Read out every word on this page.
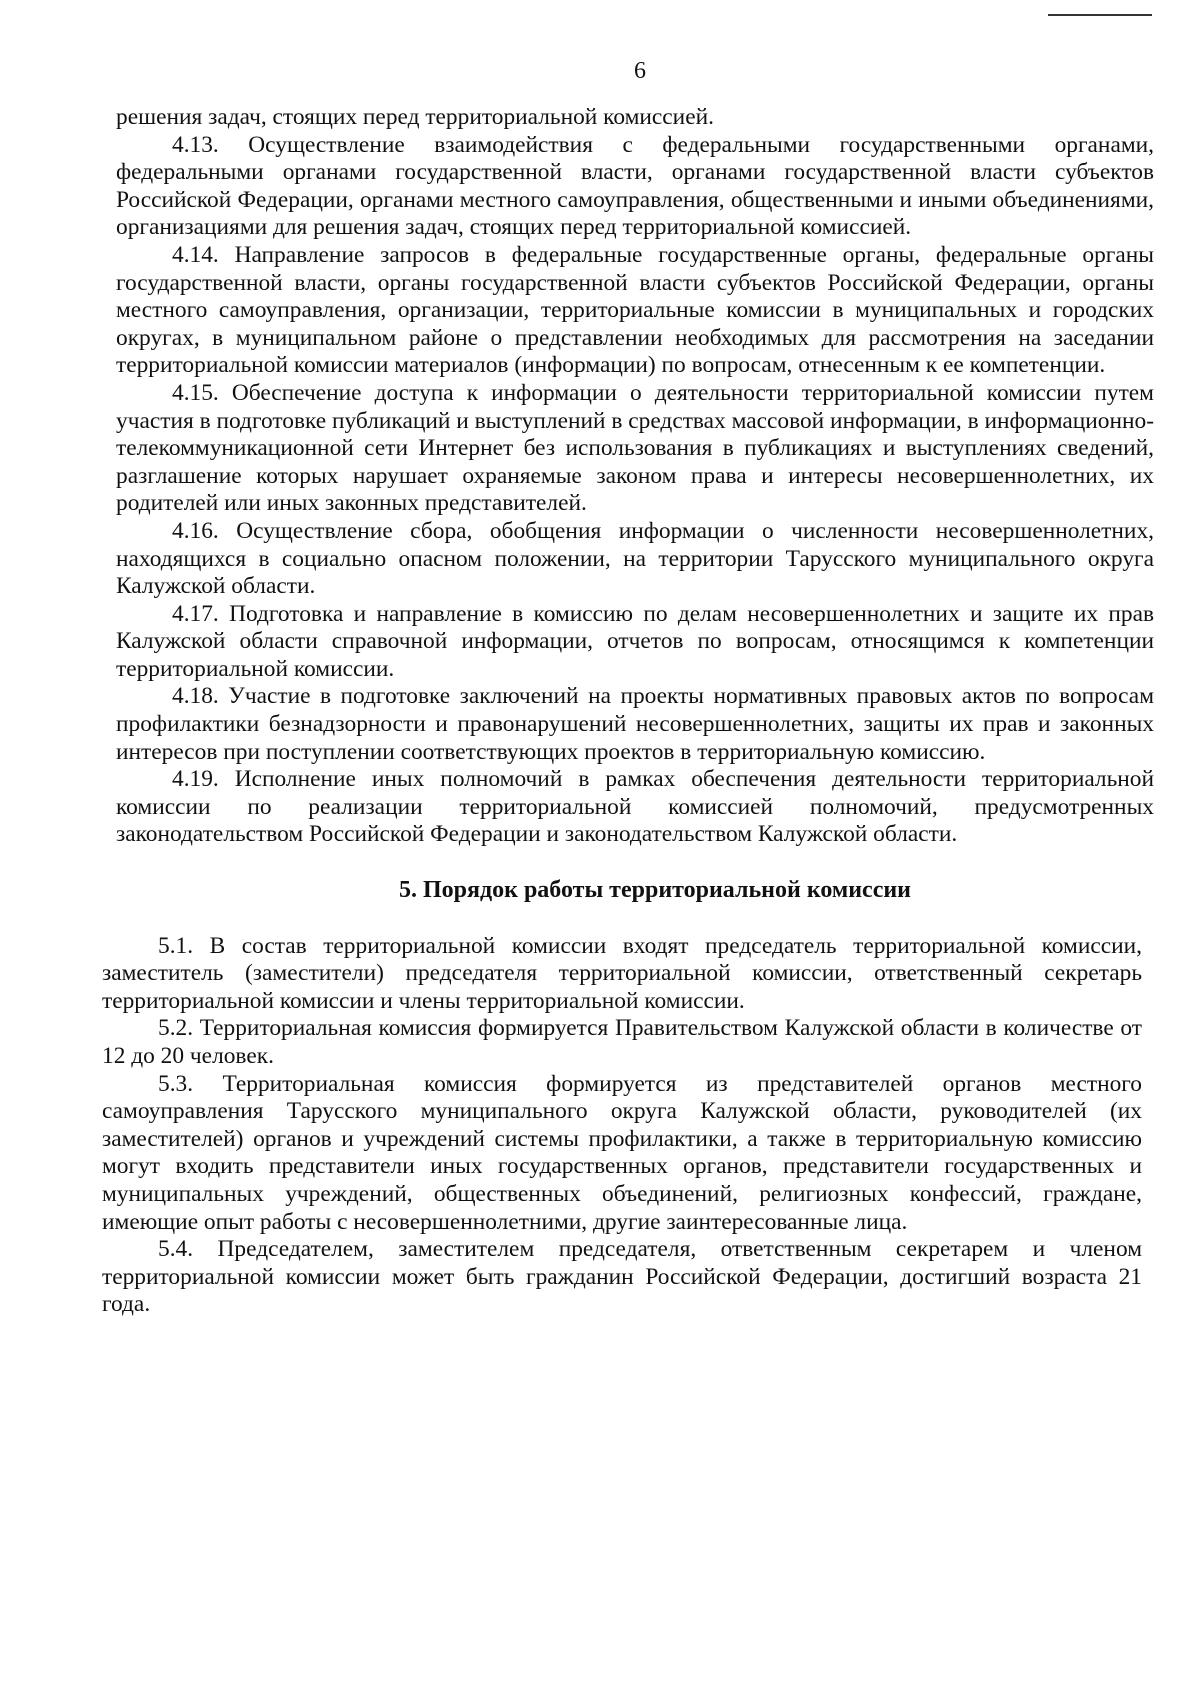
6

решения задач, стоящих перед территориальной комиссией.

4.13. Осуществление взаимодействия с федеральными государственными органами, федеральными органами государственной власти, органами государственной власти субъектов Российской Федерации, органами местного самоуправления, общественными и иными объединениями, организациями для решения задач, стоящих перед территориальной комиссией.

4.14. Направление запросов в федеральные государственные органы, федеральные органы государственной власти, органы государственной власти субъектов Российской Федерации, органы местного самоуправления, организации, территориальные комиссии в муниципальных и городских округах, в муниципальном районе о представлении необходимых для рассмотрения на заседании территориальной комиссии материалов (информации) по вопросам, отнесенным к ее компетенции.

4.15. Обеспечение доступа к информации о деятельности территориальной комиссии путем участия в подготовке публикаций и выступлений в средствах массовой информации, в информационно-телекоммуникационной сети Интернет без использования в публикациях и выступлениях сведений, разглашение которых нарушает охраняемые законом права и интересы несовершеннолетних, их родителей или иных законных представителей.

4.16. Осуществление сбора, обобщения информации о численности несовершеннолетних, находящихся в социально опасном положении, на территории Тарусского муниципального округа Калужской области.

4.17. Подготовка и направление в комиссию по делам несовершеннолетних и защите их прав Калужской области справочной информации, отчетов по вопросам, относящимся к компетенции территориальной комиссии.

4.18. Участие в подготовке заключений на проекты нормативных правовых актов по вопросам профилактики безнадзорности и правонарушений несовершеннолетних, защиты их прав и законных интересов при поступлении соответствующих проектов в территориальную комиссию.

4.19. Исполнение иных полномочий в рамках обеспечения деятельности территориальной комиссии по реализации территориальной комиссией полномочий, предусмотренных законодательством Российской Федерации и законодательством Калужской области.

5. Порядок работы территориальной комиссии

5.1. В состав территориальной комиссии входят председатель территориальной комиссии, заместитель (заместители) председателя территориальной комиссии, ответственный секретарь территориальной комиссии и члены территориальной комиссии.

5.2. Территориальная комиссия формируется Правительством Калужской области в количестве от 12 до 20 человек.

5.3. Территориальная комиссия формируется из представителей органов местного самоуправления Тарусского муниципального округа Калужской области, руководителей (их заместителей) органов и учреждений системы профилактики, а также в территориальную комиссию могут входить представители иных государственных органов, представители государственных и муниципальных учреждений, общественных объединений, религиозных конфессий, граждане, имеющие опыт работы с несовершеннолетними, другие заинтересованные лица.

5.4. Председателем, заместителем председателя, ответственным секретарем и членом территориальной комиссии может быть гражданин Российской Федерации, достигший возраста 21 года.
